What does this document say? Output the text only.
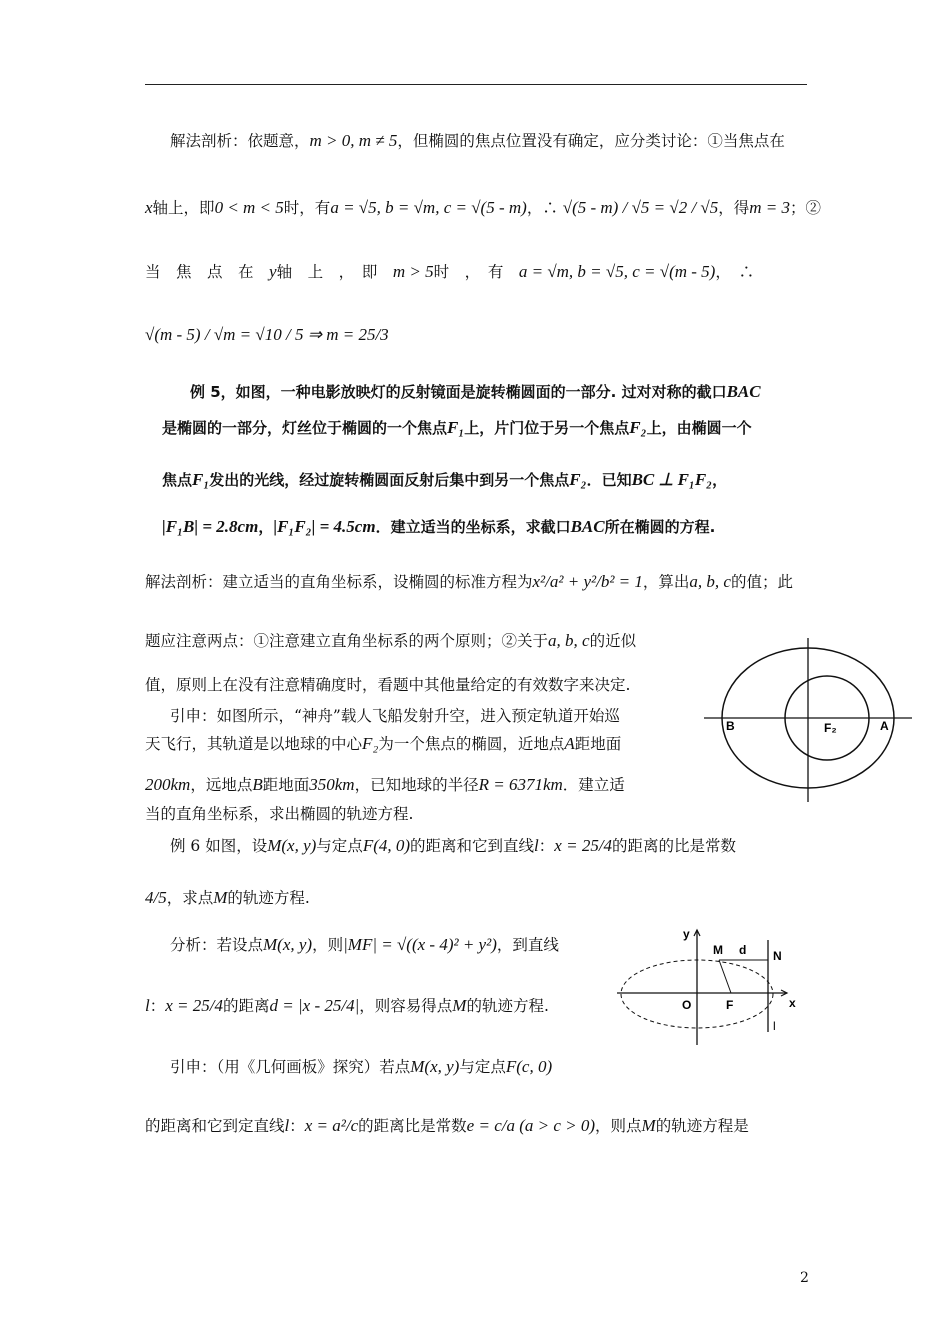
解法剖析：依题意，m > 0, m ≠ 5，但椭圆的焦点位置没有确定，应分类讨论：①当焦点在
x轴上，即0 < m < 5时，有a = √5, b = √m, c = √(5 - m)，∴ √(5 - m) / √5 = √2 / √5，得m = 3；②
当　焦　点　在　y轴　上　，　即　m > 5时　，　有　a = √m, b = √5, c = √(m - 5)，　∴
√(m - 5) / √m = √10 / 5 ⇒ m = 25/3
例 5，如图，一种电影放映灯的反射镜面是旋转椭圆面的一部分. 过对对称的截口BAC
是椭圆的一部分，灯丝位于椭圆的一个焦点F₁上，片门位于另一个焦点F₂上，由椭圆一个
焦点F₁发出的光线，经过旋转椭圆面反射后集中到另一个焦点F₂．已知BC ⊥ F₁F₂，
|F₁B| = 2.8cm，|F₁F₂| = 4.5cm．建立适当的坐标系，求截口BAC所在椭圆的方程.
解法剖析：建立适当的直角坐标系，设椭圆的标准方程为x²/a² + y²/b² = 1，算出a, b, c的值；此
题应注意两点：①注意建立直角坐标系的两个原则；②关于a, b, c的近似
值，原则上在没有注意精确度时，看题中其他量给定的有效数字来决定.
引申：如图所示，“神舟”载人飞船发射升空，进入预定轨道开始巡
天飞行，其轨道是以地球的中心F₂为一个焦点的椭圆，近地点A距地面
200km，远地点B距地面350km，已知地球的半径R = 6371km．建立适
当的直角坐标系，求出椭圆的轨迹方程.
例 6 如图，设M(x, y)与定点F(4, 0)的距离和它到直线l：x = 25/4的距离的比是常数
4/5，求点M的轨迹方程.
分析：若设点M(x, y)，则|MF| = √((x - 4)² + y²)，到直线
l：x = 25/4的距离d = |x - 25/4|，则容易得点M的轨迹方程.
引申：（用《几何画板》探究）若点M(x, y)与定点F(c, 0)
的距离和它到定直线l：x = a²/c的距离比是常数e = c/a (a > c > 0)，则点M的轨迹方程是
B	F₂	A
y
M d N
O	F	x
l
2
